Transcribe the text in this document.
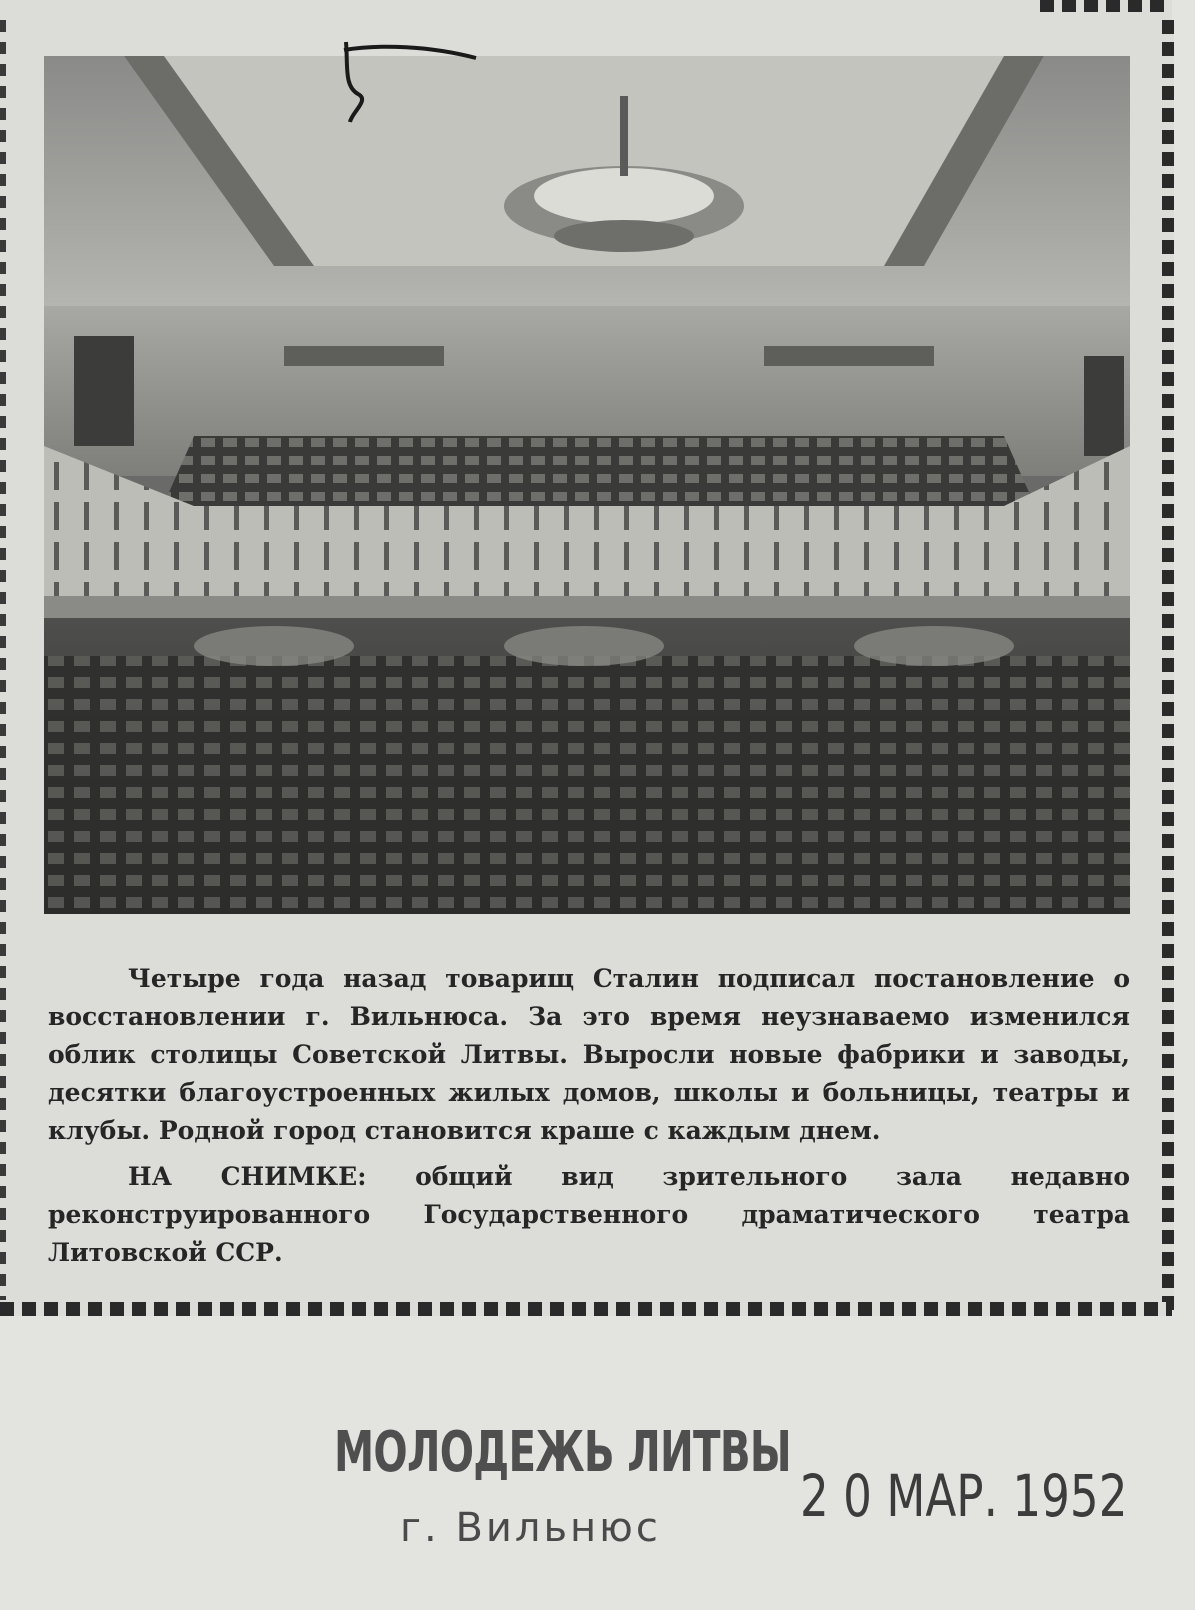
Четыре года назад товарищ Сталин подписал постановление о восстановлении г. Вильнюса. За это время неузнаваемо изменился облик столицы Советской Литвы. Выросли новые фабрики и заводы, десятки благоустроенных жилых домов, школы и больницы, театры и клубы. Родной город становится краше с каждым днем.

НА СНИМКЕ: общий вид зрительного зала недавно реконструированного Государственного драматического театра Литовской ССР.

МОЛОДЕЖЬ ЛИТВЫ
г. Вильнюс 2 0 МАР. 1952
